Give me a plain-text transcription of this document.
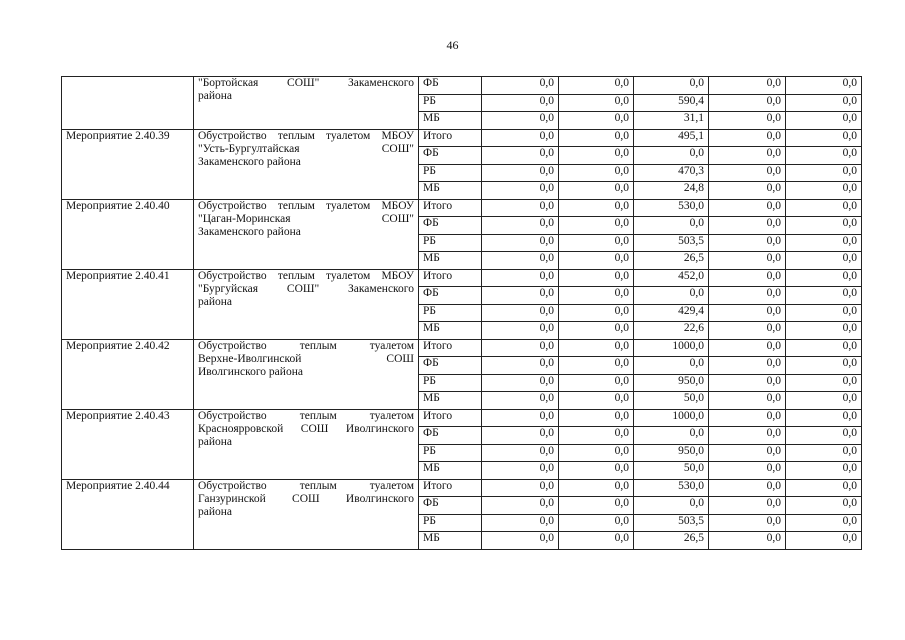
46

	"Бортойская СОШ" Закаменского
района	ФБ	0,0	0,0	0,0	0,0	0,0
		РБ	0,0	0,0	590,4	0,0	0,0
		МБ	0,0	0,0	31,1	0,0	0,0
Мероприятие 2.40.39	Обустройство теплым туалетом МБОУ
"Усть-Бургултайская СОШ"
Закаменского района	Итого	0,0	0,0	495,1	0,0	0,0
		ФБ	0,0	0,0	0,0	0,0	0,0
		РБ	0,0	0,0	470,3	0,0	0,0
		МБ	0,0	0,0	24,8	0,0	0,0
Мероприятие 2.40.40	Обустройство теплым туалетом МБОУ
"Цаган-Моринская СОШ"
Закаменского района	Итого	0,0	0,0	530,0	0,0	0,0
		ФБ	0,0	0,0	0,0	0,0	0,0
		РБ	0,0	0,0	503,5	0,0	0,0
		МБ	0,0	0,0	26,5	0,0	0,0
Мероприятие 2.40.41	Обустройство теплым туалетом МБОУ
"Бургуйская СОШ" Закаменского
района	Итого	0,0	0,0	452,0	0,0	0,0
		ФБ	0,0	0,0	0,0	0,0	0,0
		РБ	0,0	0,0	429,4	0,0	0,0
		МБ	0,0	0,0	22,6	0,0	0,0
Мероприятие 2.40.42	Обустройство теплым туалетом
Верхне-Иволгинской СОШ
Иволгинского района	Итого	0,0	0,0	1000,0	0,0	0,0
		ФБ	0,0	0,0	0,0	0,0	0,0
		РБ	0,0	0,0	950,0	0,0	0,0
		МБ	0,0	0,0	50,0	0,0	0,0
Мероприятие 2.40.43	Обустройство теплым туалетом
Красноярровской СОШ Иволгинского
района	Итого	0,0	0,0	1000,0	0,0	0,0
		ФБ	0,0	0,0	0,0	0,0	0,0
		РБ	0,0	0,0	950,0	0,0	0,0
		МБ	0,0	0,0	50,0	0,0	0,0
Мероприятие 2.40.44	Обустройство теплым туалетом
Ганзуринской СОШ Иволгинского
района	Итого	0,0	0,0	530,0	0,0	0,0
		ФБ	0,0	0,0	0,0	0,0	0,0
		РБ	0,0	0,0	503,5	0,0	0,0
		МБ	0,0	0,0	26,5	0,0	0,0
